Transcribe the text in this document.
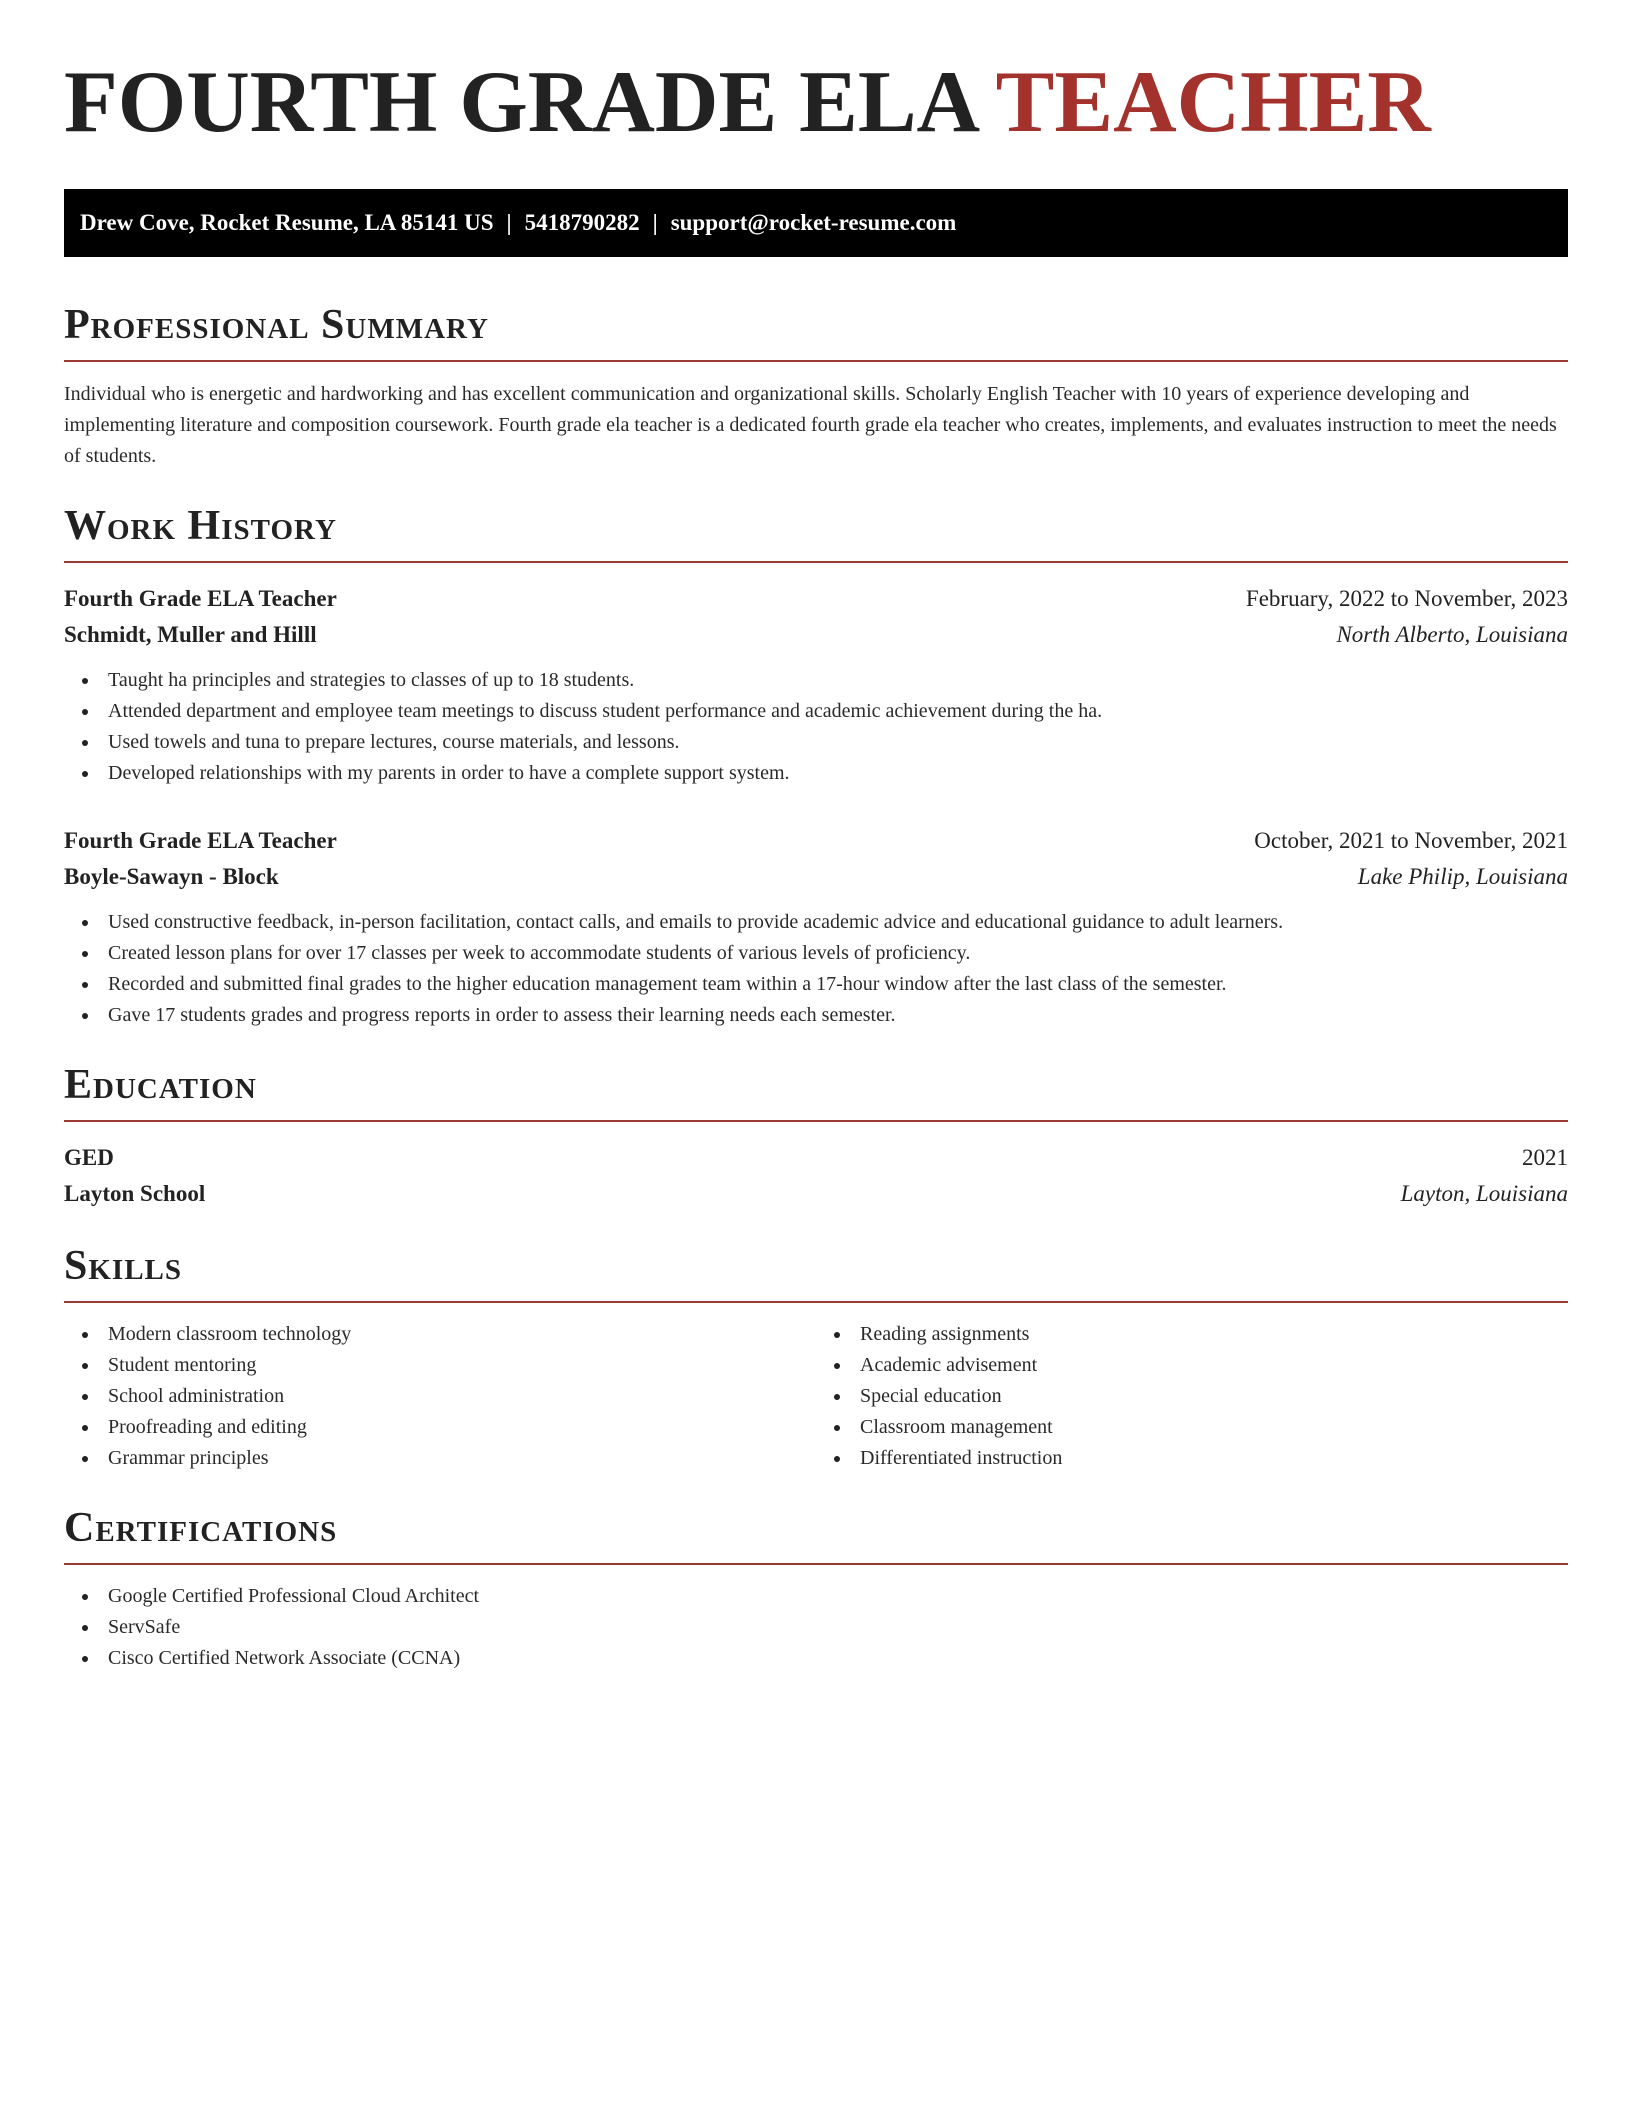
FOURTH GRADE ELA TEACHER
Drew Cove, Rocket Resume, LA 85141 US | 5418790282 | support@rocket-resume.com
Professional Summary

Individual who is energetic and hardworking and has excellent communication and organizational skills. Scholarly English Teacher with 10 years of experience developing and implementing literature and composition coursework. Fourth grade ela teacher is a dedicated fourth grade ela teacher who creates, implements, and evaluates instruction to meet the needs of students.

Work History
Fourth Grade ELA Teacher	February, 2022 to November, 2023
Schmidt, Muller and Hilll	North Alberto, Louisiana
Taught ha principles and strategies to classes of up to 18 students.
Attended department and employee team meetings to discuss student performance and academic achievement during the ha.
Used towels and tuna to prepare lectures, course materials, and lessons.
Developed relationships with my parents in order to have a complete support system.
Fourth Grade ELA Teacher	October, 2021 to November, 2021
Boyle-Sawayn - Block	Lake Philip, Louisiana
Used constructive feedback, in-person facilitation, contact calls, and emails to provide academic advice and educational guidance to adult learners.
Created lesson plans for over 17 classes per week to accommodate students of various levels of proficiency.
Recorded and submitted final grades to the higher education management team within a 17-hour window after the last class of the semester.
Gave 17 students grades and progress reports in order to assess their learning needs each semester.
Education
GED	2021
Layton School	Layton, Louisiana
Skills
Modern classroom technology
Student mentoring
School administration
Proofreading and editing
Grammar principles
Reading assignments
Academic advisement
Special education
Classroom management
Differentiated instruction
Certifications
Google Certified Professional Cloud Architect
ServSafe
Cisco Certified Network Associate (CCNA)
